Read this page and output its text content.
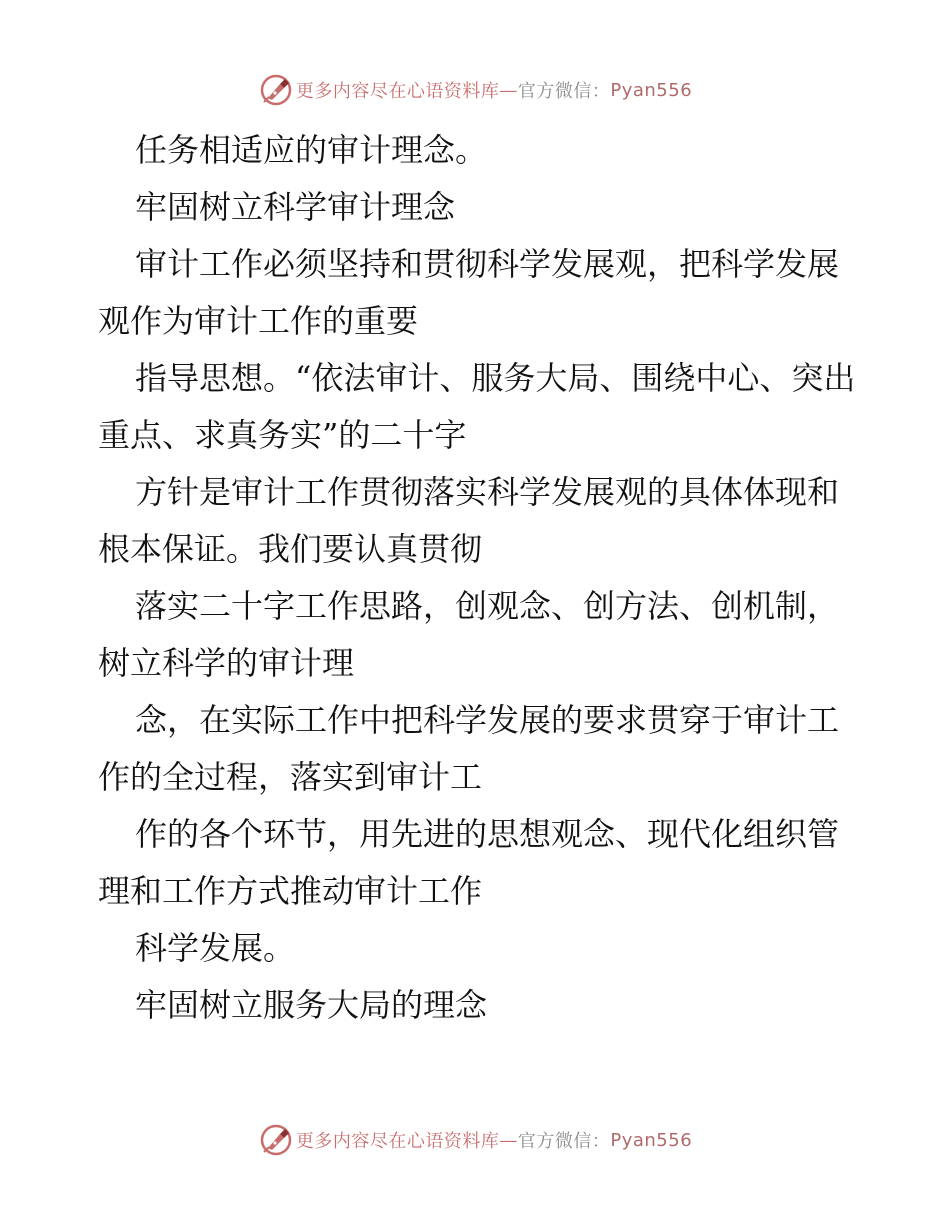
更多内容尽在心语资料库 — 官方微信： Pyan556

任务相适应的审计理念。

牢固树立科学审计理念

审计工作必须坚持和贯彻科学发展观，把科学发展观作为审计工作的重要

指导思想。“依法审计、服务大局、围绕中心、突出重点、求真务实”的二十字

方针是审计工作贯彻落实科学发展观的具体体现和根本保证。我们要认真贯彻

落实二十字工作思路，创观念、创方法、创机制，树立科学的审计理

念，在实际工作中把科学发展的要求贯穿于审计工作的全过程，落实到审计工

作的各个环节，用先进的思想观念、现代化组织管理和工作方式推动审计工作

科学发展。

牢固树立服务大局的理念

更多内容尽在心语资料库 — 官方微信： Pyan556
